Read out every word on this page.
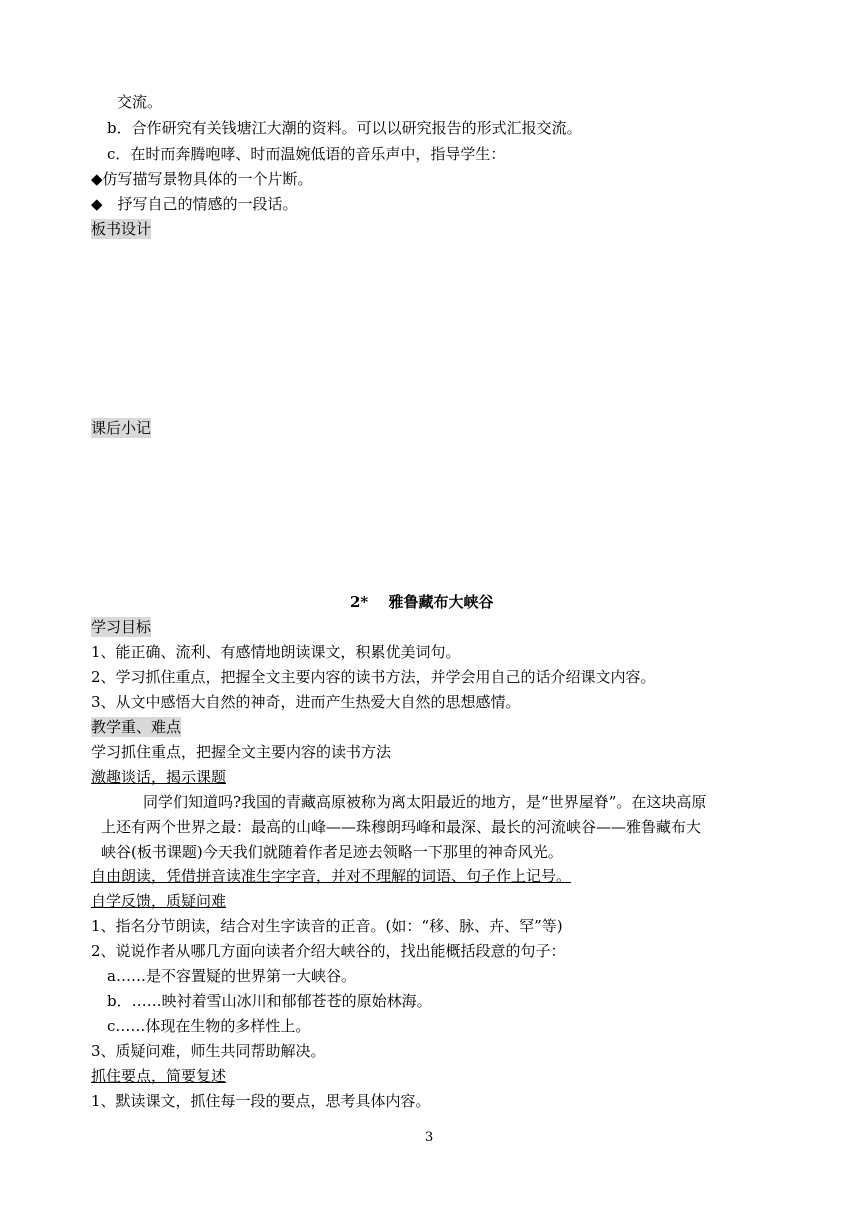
交流。
b．合作研究有关钱塘江大潮的资料。可以以研究报告的形式汇报交流。
c．在时而奔腾咆哮、时而温婉低语的音乐声中，指导学生：
◆仿写描写景物具体的一个片断。
◆　抒写自己的情感的一段话。
板书设计
课后小记
2*　 雅鲁藏布大峡谷
学习目标
1、能正确、流利、有感情地朗读课文，积累优美词句。
2、学习抓住重点，把握全文主要内容的读书方法，并学会用自己的话介绍课文内容。
3、从文中感悟大自然的神奇，进而产生热爱大自然的思想感情。
教学重、难点
学习抓住重点，把握全文主要内容的读书方法
激趣谈话，揭示课题
同学们知道吗?我国的青藏高原被称为离太阳最近的地方，是“世界屋脊”。在这块高原
上还有两个世界之最：最高的山峰——珠穆朗玛峰和最深、最长的河流峡谷——雅鲁藏布大
峡谷(板书课题)今天我们就随着作者足迹去领略一下那里的神奇风光。
自由朗读，凭借拼音读准生字字音，并对不理解的词语、句子作上记号。
自学反馈，质疑问难
1、指名分节朗读，结合对生字读音的正音。(如：“移、脉、卉、罕”等)
2、说说作者从哪几方面向读者介绍大峡谷的，找出能概括段意的句子：
a……是不容置疑的世界第一大峡谷。
b．……映衬着雪山冰川和郁郁苍苍的原始林海。
c……体现在生物的多样性上。
3、质疑问难，师生共同帮助解决。
抓住要点，简要复述
1、默读课文，抓住每一段的要点，思考具体内容。
3
